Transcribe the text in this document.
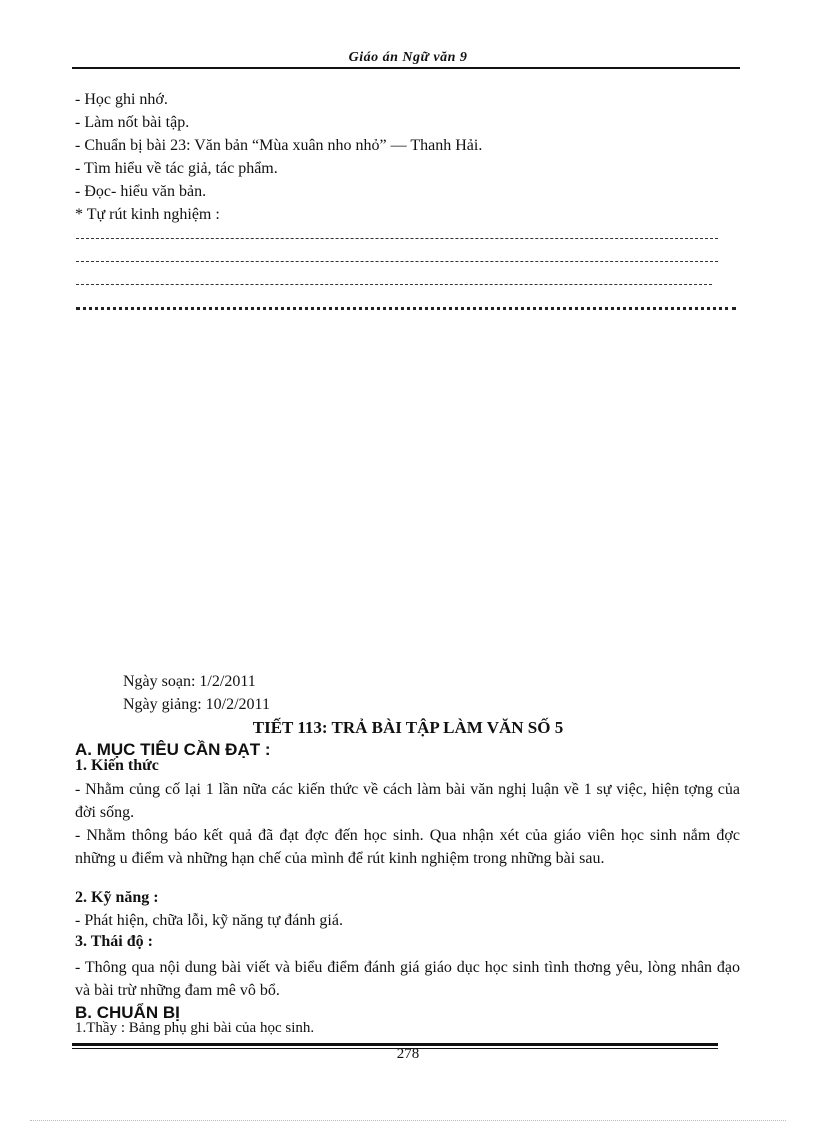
Giáo án Ngữ văn 9
- Học ghi nhớ.
- Làm nốt bài tập.
- Chuẩn bị bài 23: Văn bản “Mùa xuân nho nhỏ” — Thanh Hải.
- Tìm hiểu về tác giả, tác phẩm.
- Đọc- hiểu văn bản.
* Tự rút kinh nghiệm :
Ngày soạn: 1/2/2011
Ngày giảng: 10/2/2011
TIẾT 113: TRẢ BÀI TẬP LÀM VĂN SỐ 5
A. MỤC TIÊU CẦN ĐẠT :
1. Kiến thức
- Nhằm củng cố lại 1 lần nữa các kiến thức về cách làm bài văn nghị luận về 1 sự việc, hiện tợng của đời sống.
- Nhằm thông báo kết quả đã đạt đợc đến học sinh. Qua nhận xét của giáo viên học sinh nắm đợc những u điểm và những hạn chế của mình để rút kinh nghiệm trong những bài sau.
2. Kỹ năng :
- Phát hiện, chữa lỗi, kỹ năng tự đánh giá.
3. Thái độ :
- Thông qua nội dung bài viết và biểu điểm đánh giá giáo dục học sinh tình thơng yêu, lòng nhân đạo và bài trừ những đam mê vô bổ.
B. CHUẨN BỊ
1.Thầy : Bảng phụ ghi bài của học sinh.
278
